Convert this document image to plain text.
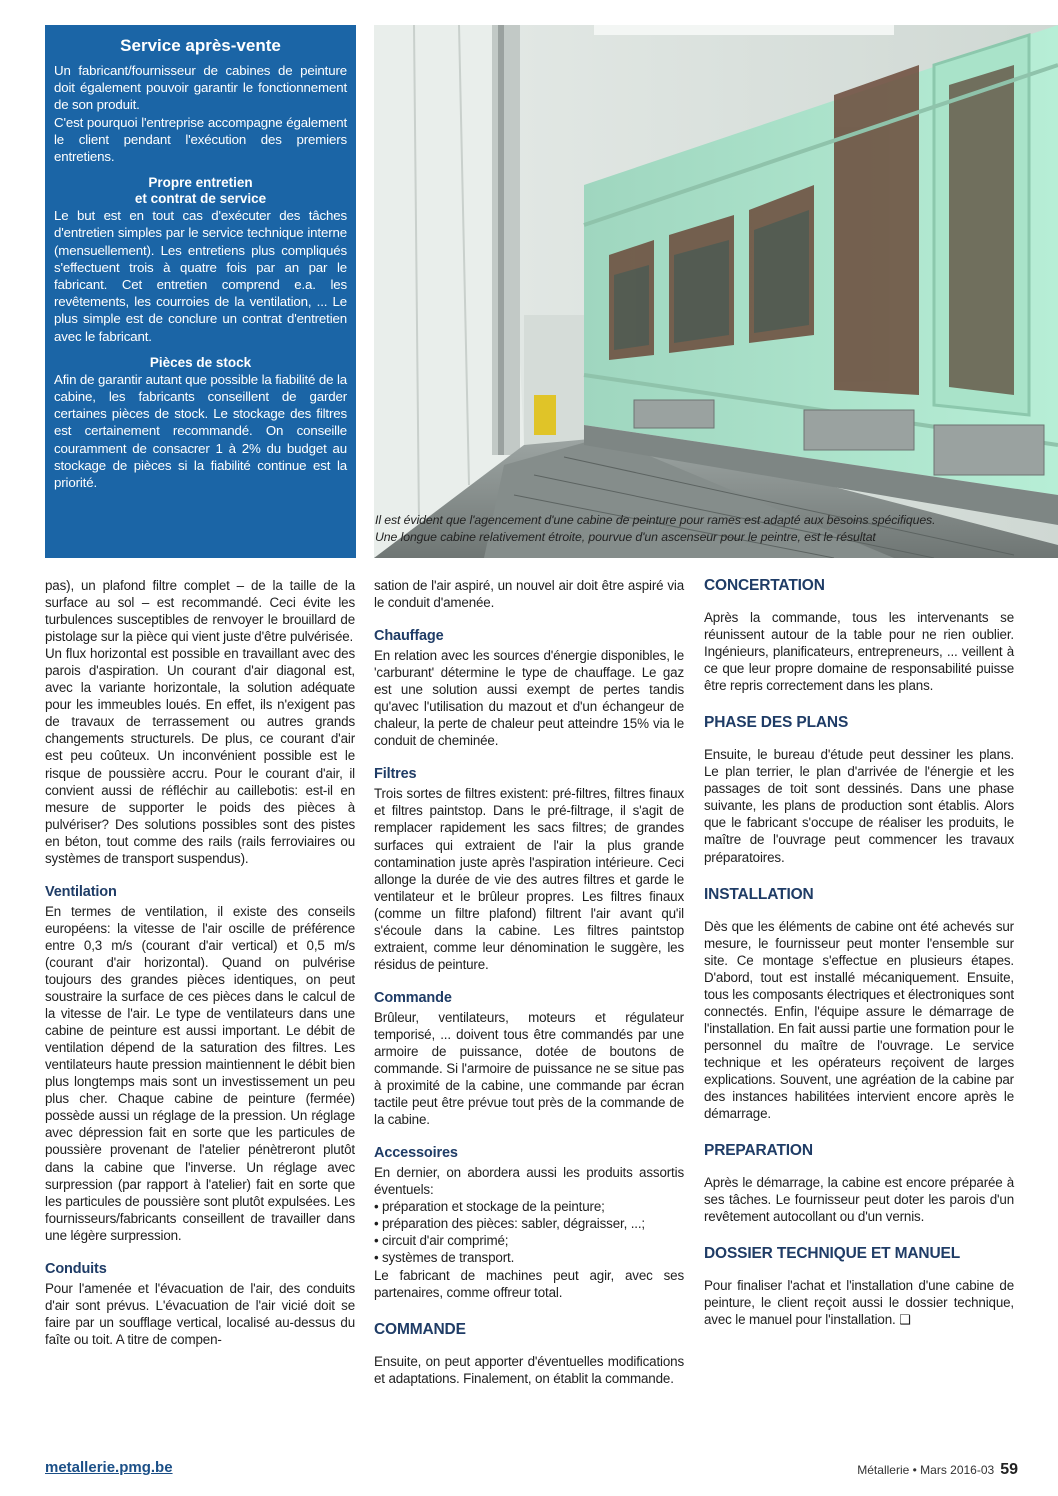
Service après-vente

Un fabricant/fournisseur de cabines de peinture doit également pouvoir garantir le fonctionnement de son produit.

C'est pourquoi l'entreprise accompagne également le client pendant l'exécution des premiers entretiens.

Propre entretien
et contrat de service

Le but est en tout cas d'exécuter des tâches d'entretien simples par le service technique interne (mensuellement). Les entretiens plus compliqués s'effectuent trois à quatre fois par an par le fabricant. Cet entretien comprend e.a. les revêtements, les courroies de la ventilation, ... Le plus simple est de conclure un contrat d'entretien avec le fabricant.

Pièces de stock

Afin de garantir autant que possible la fiabilité de la cabine, les fabricants conseillent de garder certaines pièces de stock. Le stockage des filtres est certainement recommandé. On conseille couramment de consacrer 1 à 2% du budget au stockage de pièces si la fiabilité continue est la priorité.

Il est évident que l'agencement d'une cabine de peinture pour rames est adapté aux besoins spécifiques.
Une longue cabine relativement étroite, pourvue d'un ascenseur pour le peintre, est le résultat

pas), un plafond filtre complet – de la taille de la surface au sol – est recommandé. Ceci évite les turbulences susceptibles de renvoyer le brouillard de pistolage sur la pièce qui vient juste d'être pulvérisée.

Un flux horizontal est possible en travaillant avec des parois d'aspiration. Un courant d'air diagonal est, avec la variante horizontale, la solution adéquate pour les immeubles loués. En effet, ils n'exigent pas de travaux de terrassement ou autres grands changements structurels. De plus, ce courant d'air est peu coûteux. Un inconvénient possible est le risque de poussière accru. Pour le courant d'air, il convient aussi de réfléchir au caillebotis: est-il en mesure de supporter le poids des pièces à pulvériser? Des solutions possibles sont des pistes en béton, tout comme des rails (rails ferroviaires ou systèmes de transport suspendus).

Ventilation

En termes de ventilation, il existe des conseils européens: la vitesse de l'air oscille de préférence entre 0,3 m/s (courant d'air vertical) et 0,5 m/s (courant d'air horizontal). Quand on pulvérise toujours des grandes pièces identiques, on peut soustraire la surface de ces pièces dans le calcul de la vitesse de l'air. Le type de ventilateurs dans une cabine de peinture est aussi important. Le débit de ventilation dépend de la saturation des filtres. Les ventilateurs haute pression maintiennent le débit bien plus longtemps mais sont un investissement un peu plus cher. Chaque cabine de peinture (fermée) possède aussi un réglage de la pression. Un réglage avec dépression fait en sorte que les particules de poussière provenant de l'atelier pénètreront plutôt dans la cabine que l'inverse. Un réglage avec surpression (par rapport à l'atelier) fait en sorte que les particules de poussière sont plutôt expulsées. Les fournisseurs/fabricants conseillent de travailler dans une légère surpression.

Conduits

Pour l'amenée et l'évacuation de l'air, des conduits d'air sont prévus. L'évacuation de l'air vicié doit se faire par un soufflage vertical, localisé au-dessus du faîte ou toit. A titre de compen-

sation de l'air aspiré, un nouvel air doit être aspiré via le conduit d'amenée.

Chauffage

En relation avec les sources d'énergie disponibles, le 'carburant' détermine le type de chauffage. Le gaz est une solution aussi exempt de pertes tandis qu'avec l'utilisation du mazout et d'un échangeur de chaleur, la perte de chaleur peut atteindre 15% via le conduit de cheminée.

Filtres

Trois sortes de filtres existent: pré-filtres, filtres finaux et filtres paintstop. Dans le pré-filtrage, il s'agit de remplacer rapidement les sacs filtres; de grandes surfaces qui extraient de l'air la plus grande contamination juste après l'aspiration intérieure. Ceci allonge la durée de vie des autres filtres et garde le ventilateur et le brûleur propres. Les filtres finaux (comme un filtre plafond) filtrent l'air avant qu'il s'écoule dans la cabine. Les filtres paintstop extraient, comme leur dénomination le suggère, les résidus de peinture.

Commande

Brûleur, ventilateurs, moteurs et régulateur temporisé, ... doivent tous être commandés par une armoire de puissance, dotée de boutons de commande. Si l'armoire de puissance ne se situe pas à proximité de la cabine, une commande par écran tactile peut être prévue tout près de la commande de la cabine.

Accessoires

En dernier, on abordera aussi les produits assortis éventuels:

• préparation et stockage de la peinture;
• préparation des pièces: sabler, dégraisser, ...;
• circuit d'air comprimé;
• systèmes de transport.

Le fabricant de machines peut agir, avec ses partenaires, comme offreur total.

COMMANDE

Ensuite, on peut apporter d'éventuelles modifications et adaptations. Finalement, on établit la commande.

CONCERTATION

Après la commande, tous les intervenants se réunissent autour de la table pour ne rien oublier. Ingénieurs, planificateurs, entrepreneurs, ... veillent à ce que leur propre domaine de responsabilité puisse être repris correctement dans les plans.

PHASE DES PLANS

Ensuite, le bureau d'étude peut dessiner les plans. Le plan terrier, le plan d'arrivée de l'énergie et les passages de toit sont dessinés. Dans une phase suivante, les plans de production sont établis. Alors que le fabricant s'occupe de réaliser les produits, le maître de l'ouvrage peut commencer les travaux préparatoires.

INSTALLATION

Dès que les éléments de cabine ont été achevés sur mesure, le fournisseur peut monter l'ensemble sur site. Ce montage s'effectue en plusieurs étapes. D'abord, tout est installé mécaniquement. Ensuite, tous les composants électriques et électroniques sont connectés. Enfin, l'équipe assure le démarrage de l'installation. En fait aussi partie une formation pour le personnel du maître de l'ouvrage. Le service technique et les opérateurs reçoivent de larges explications. Souvent, une agréation de la cabine par des instances habilitées intervient encore après le démarrage.

PREPARATION

Après le démarrage, la cabine est encore préparée à ses tâches. Le fournisseur peut doter les parois d'un revêtement autocollant ou d'un vernis.

DOSSIER TECHNIQUE ET MANUEL

Pour finaliser l'achat et l'installation d'une cabine de peinture, le client reçoit aussi le dossier technique, avec le manuel pour l'installation. ❑

metallerie.pmg.be	Métallerie • Mars 2016-03 59
